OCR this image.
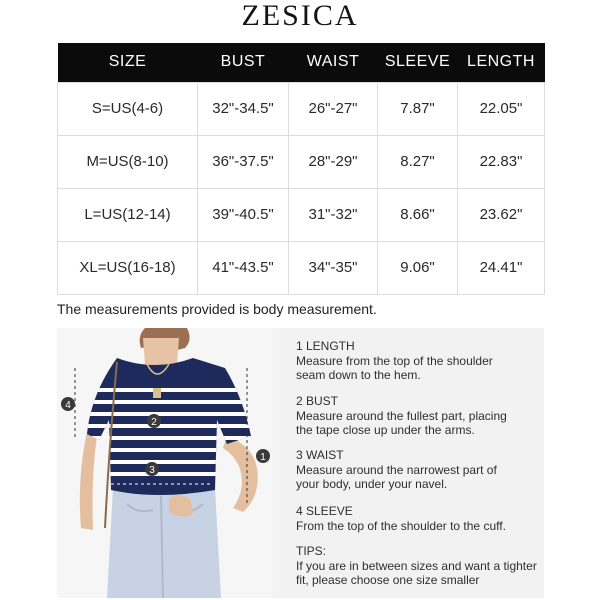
ZESICA
SIZE	BUST	WAIST	SLEEVE	LENGTH
S=US(4-6)	32"-34.5"	26"-27"	7.87"	22.05"
M=US(8-10)	36"-37.5"	28"-29"	8.27"	22.83"
L=US(12-14)	39"-40.5"	31"-32"	8.66"	23.62"
XL=US(16-18)	41"-43.5"	34"-35"	9.06"	24.41"
The measurements provided is body measurement.
2
3
4
1
1 LENGTH
Measure from the top of the shoulder
seam down to the hem.
2 BUST
Measure around the fullest part, placing
the tape close up under the arms.
3 WAIST
Measure around the narrowest part of
your body, under your navel.
4 SLEEVE
From the top of the shoulder to the cuff.
TIPS:
If you are in between sizes and want a tighter
fit, please choose one size smaller
